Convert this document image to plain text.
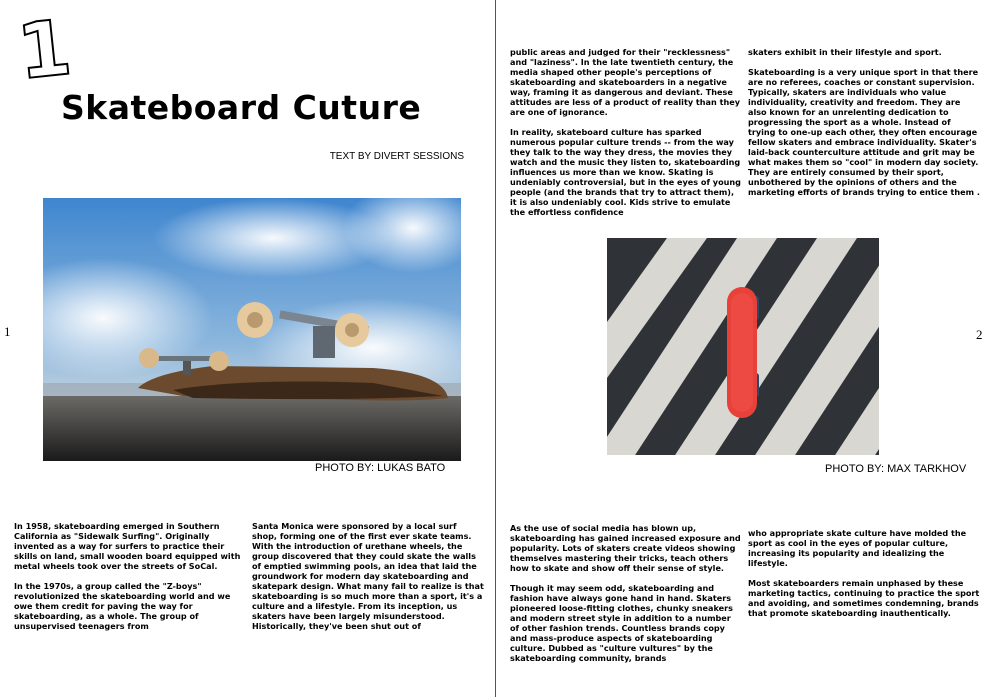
1
Skateboard Cuture
TEXT BY DIVERT SESSIONS
PHOTO BY: LUKAS BATO	PHOTO BY: MAX TARKHOV
1	2

In 1958, skateboarding emerged in Southern California as "Sidewalk Surfing". Originally invented as a way for surfers to practice their skills on land, small wooden board equipped with metal wheels took over the streets of SoCal.

In the 1970s, a group called the "Z-boys" revolutionized the skateboarding world and we owe them credit for paving the way for skateboarding, as a whole. The group of unsupervised teenagers from

Santa Monica were sponsored by a local surf shop, forming one of the first ever skate teams. With the introduction of urethane wheels, the group discovered that they could skate the walls of emptied swimming pools, an idea that laid the groundwork for modern day skateboarding and skatepark design. What many fail to realize is that skateboarding is so much more than a sport, it's a culture and a lifestyle. From its inception, us skaters have been largely misunderstood. Historically, they've been shut out of

public areas and judged for their "recklessness" and "laziness". In the late twentieth century, the media shaped other people's perceptions of skateboarding and skateboarders in a negative way, framing it as dangerous and deviant. These attitudes are less of a product of reality than they are one of ignorance.

In reality, skateboard culture has sparked numerous popular culture trends -- from the way they talk to the way they dress, the movies they watch and the music they listen to, skateboarding influences us more than we know. Skating is undeniably controversial, but in the eyes of young people (and the brands that try to attract them), it is also undeniably cool. Kids strive to emulate the effortless confidence

skaters exhibit in their lifestyle and sport.

Skateboarding is a very unique sport in that there are no referees, coaches or constant supervision. Typically, skaters are individuals who value individuality, creativity and freedom. They are also known for an unrelenting dedication to progressing the sport as a whole. Instead of trying to one-up each other, they often encourage fellow skaters and embrace individuality. Skater's laid-back counterculture attitude and grit may be what makes them so "cool" in modern day society. They are entirely consumed by their sport, unbothered by the opinions of others and the marketing efforts of brands trying to entice them .

As the use of social media has blown up, skateboarding has gained increased exposure and popularity. Lots of skaters create videos showing themselves mastering their tricks, teach others how to skate and show off their sense of style.

Though it may seem odd, skateboarding and fashion have always gone hand in hand. Skaters pioneered loose-fitting clothes, chunky sneakers and modern street style in addition to a number of other fashion trends. Countless brands copy and mass-produce aspects of skateboarding culture. Dubbed as "culture vultures" by the skateboarding community, brands

who appropriate skate culture have molded the sport as cool in the eyes of popular culture, increasing its popularity and idealizing the lifestyle.

Most skateboarders remain unphased by these marketing tactics, continuing to practice the sport and avoiding, and sometimes condemning, brands that promote skateboarding inauthentically.
